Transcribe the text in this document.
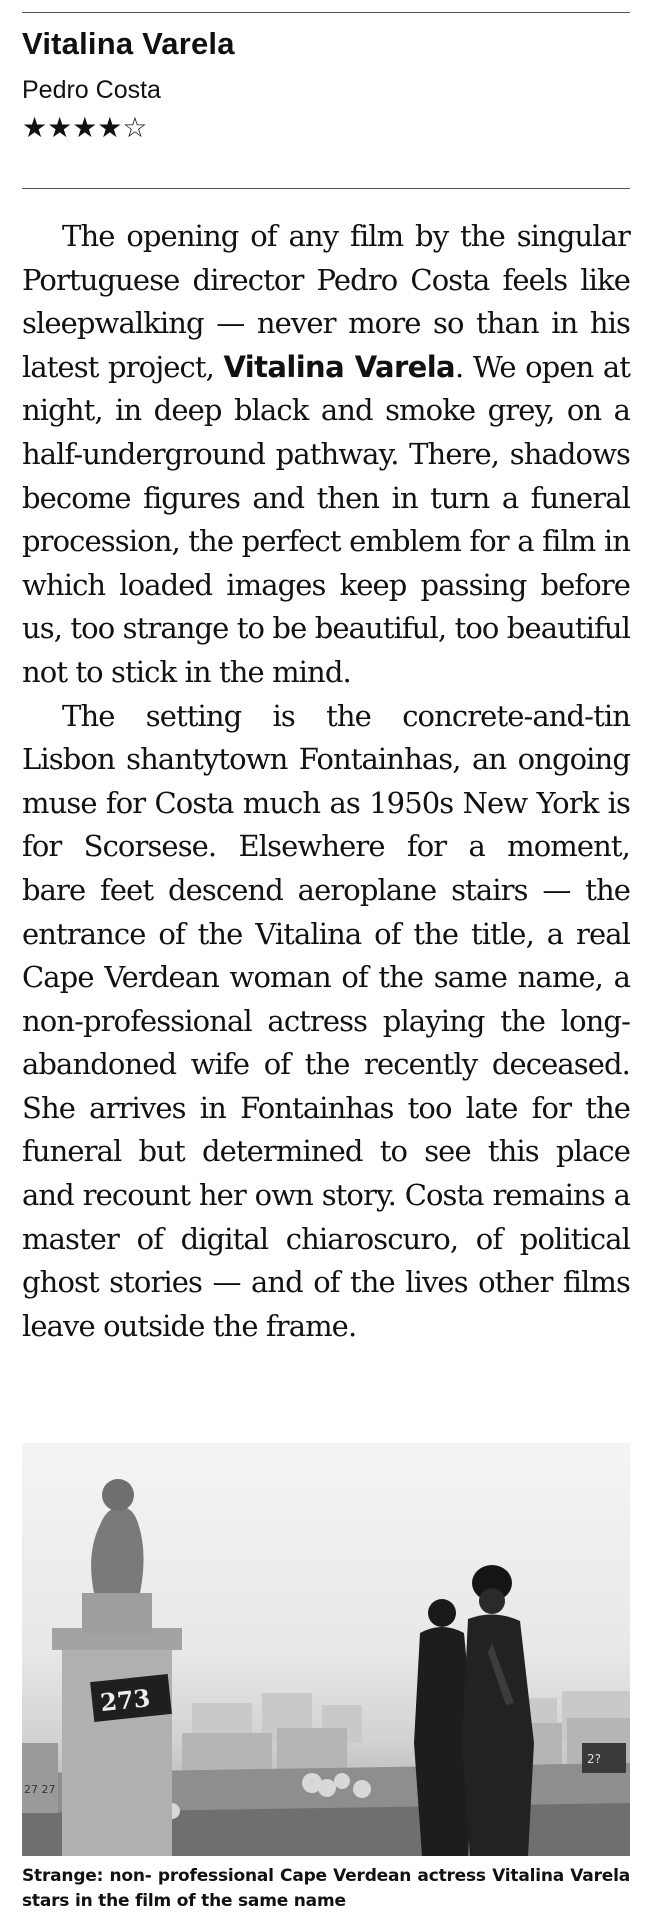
Vitalina Varela
Pedro Costa
★★★★☆

The opening of any film by the singular Portuguese director Pedro Costa feels like sleepwalking — never more so than in his latest project, Vitalina Varela. We open at night, in deep black and smoke grey, on a half-underground pathway. There, shadows become figures and then in turn a funeral procession, the perfect emblem for a film in which loaded images keep passing before us, too strange to be beautiful, too beautiful not to stick in the mind.

The setting is the concrete-and-tin Lisbon shantytown Fontainhas, an ongoing muse for Costa much as 1950s New York is for Scorsese. Elsewhere for a moment, bare feet descend aeroplane stairs — the entrance of the Vitalina of the title, a real Cape Verdean woman of the same name, a non-professional actress playing the long-abandoned wife of the recently deceased. She arrives in Fontainhas too late for the funeral but determined to see this place and recount her own story. Costa remains a master of digital chiaroscuro, of political ghost stories — and of the lives other films leave outside the frame.

273
27 27
2?
Strange: non- professional Cape Verdean actress Vitalina Varela stars in the film of the same name
